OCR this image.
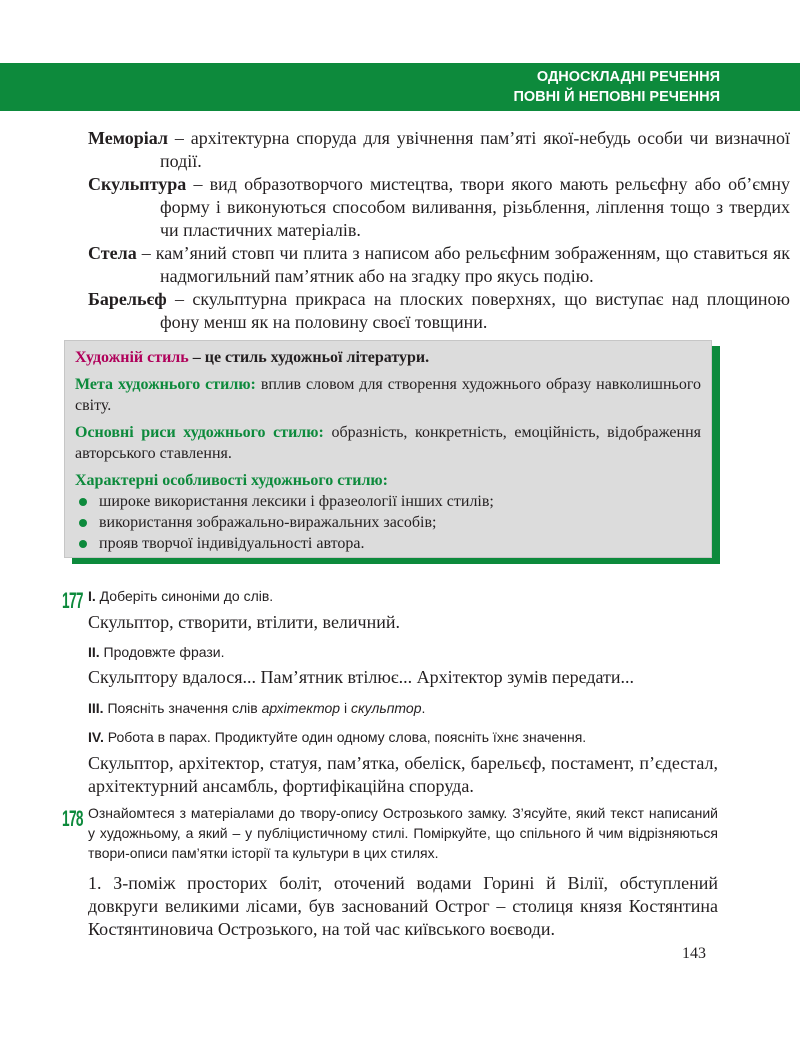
ОДНОСКЛАДНІ РЕЧЕННЯ
ПОВНІ Й НЕПОВНІ РЕЧЕННЯ
Меморіал – архітектурна споруда для увічнення пам’яті якої-небудь особи чи визначної події.
Скульптура – вид образотворчого мистецтва, твори якого мають рельєфну або об’ємну форму і виконуються способом виливання, різьблення, ліплення тощо з твердих чи пластичних матеріалів.
Стела – кам’яний стовп чи плита з написом або рельєфним зображенням, що ставиться як надмогильний пам’ятник або на згадку про якусь подію.
Барельєф – скульптурна прикраса на плоских поверхнях, що виступає над площиною фону менш як на половину своєї товщини.

Художній стиль – це стиль художньої літератури.

Мета художнього стилю: вплив словом для створення художнього образу навколишнього світу.

Основні риси художнього стилю: образність, конкретність, емоційність, відображення авторського ставлення.

Характерні особливості художнього стилю:

широке використання лексики і фразеології інших стилів;
використання зображально-виражальних засобів;
прояв творчої індивідуальності автора.
177 I. Доберіть синоніми до слів.
Скульптор, створити, втілити, величний.
II. Продовжте фрази.
Скульптору вдалося... Пам’ятник втілює... Архітектор зумів передати...
III. Поясніть значення слів архітектор і скульптор.
IV. Робота в парах. Продиктуйте один одному слова, поясніть їхнє значення.
Скульптор, архітектор, статуя, пам’ятка, обеліск, барельєф, постамент, п’єдестал, архітектурний ансамбль, фортифікаційна споруда.
178 Ознайомтеся з матеріалами до твору-опису Острозького замку. З’ясуйте, який текст написаний у художньому, а який – у публіцистичному стилі. Поміркуйте, що спільного й чим відрізняються твори-описи пам’ятки історії та культури в цих стилях.
1. З-поміж просторих боліт, оточений водами Горині й Вілії, обступлений довкруги великими лісами, був заснований Острог – столиця князя Костянтина Костянтиновича Острозького, на той час київського воєводи.
143
